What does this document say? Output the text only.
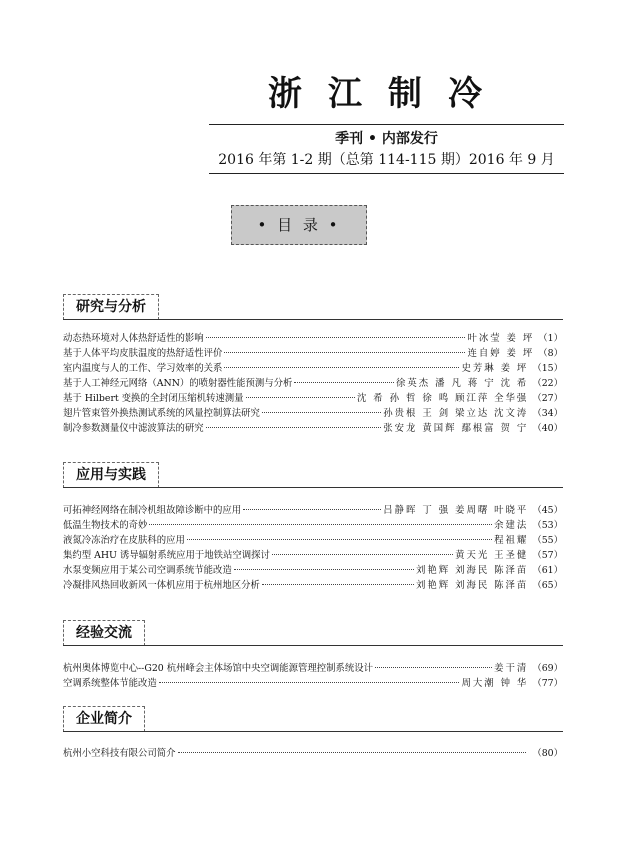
浙江制冷
季刊 • 内部发行
2016 年第 1-2 期（总第 114-115 期）2016 年 9 月
• 目 录 •
研究与分析
动态热环境对人体热舒适性的影响	叶冰莹 姜 坪 （1）
基于人体平均皮肤温度的热舒适性评价	连自婷 姜 坪 （8）
室内温度与人的工作、学习效率的关系	史芳琳 姜 坪 （15）
基于人工神经元网络（ANN）的喷射器性能预测与分析	徐英杰 潘 凡 蒋 宁 沈 希 （22）
基于 Hilbert 变换的全封闭压缩机转速测量	沈 希 孙 哲 徐 鸣 顾江萍 全华强 （27）
翅片管束管外换热测试系统的风量控制算法研究	孙贵根 王 剑 梁立达 沈文涛 （34）
制冷参数测量仪中滤波算法的研究	张安龙 黄国辉 鄢根富 贺 宁 （40）
应用与实践
可拓神经网络在制冷机组故障诊断中的应用	吕静晖 丁 强 姜周曙 叶晓平 （45）
低温生物技术的奇妙	余建法 （53）
液氮冷冻治疗在皮肤科的应用	程祖耀 （55）
集约型 AHU 诱导辐射系统应用于地铁站空调探讨	黄天光 王圣健 （57）
水泵变频应用于某公司空调系统节能改造	刘艳辉 刘海民 陈泽苗 （61）
冷凝排风热回收新风一体机应用于杭州地区分析	刘艳辉 刘海民 陈泽苗 （65）
经验交流
杭州奥体博览中心--G20 杭州峰会主体场馆中央空调能源管理控制系统设计	姜干清 （69）
空调系统整体节能改造	周大潮 钟 华 （77）
企业简介
杭州小空科技有限公司简介	（80）
